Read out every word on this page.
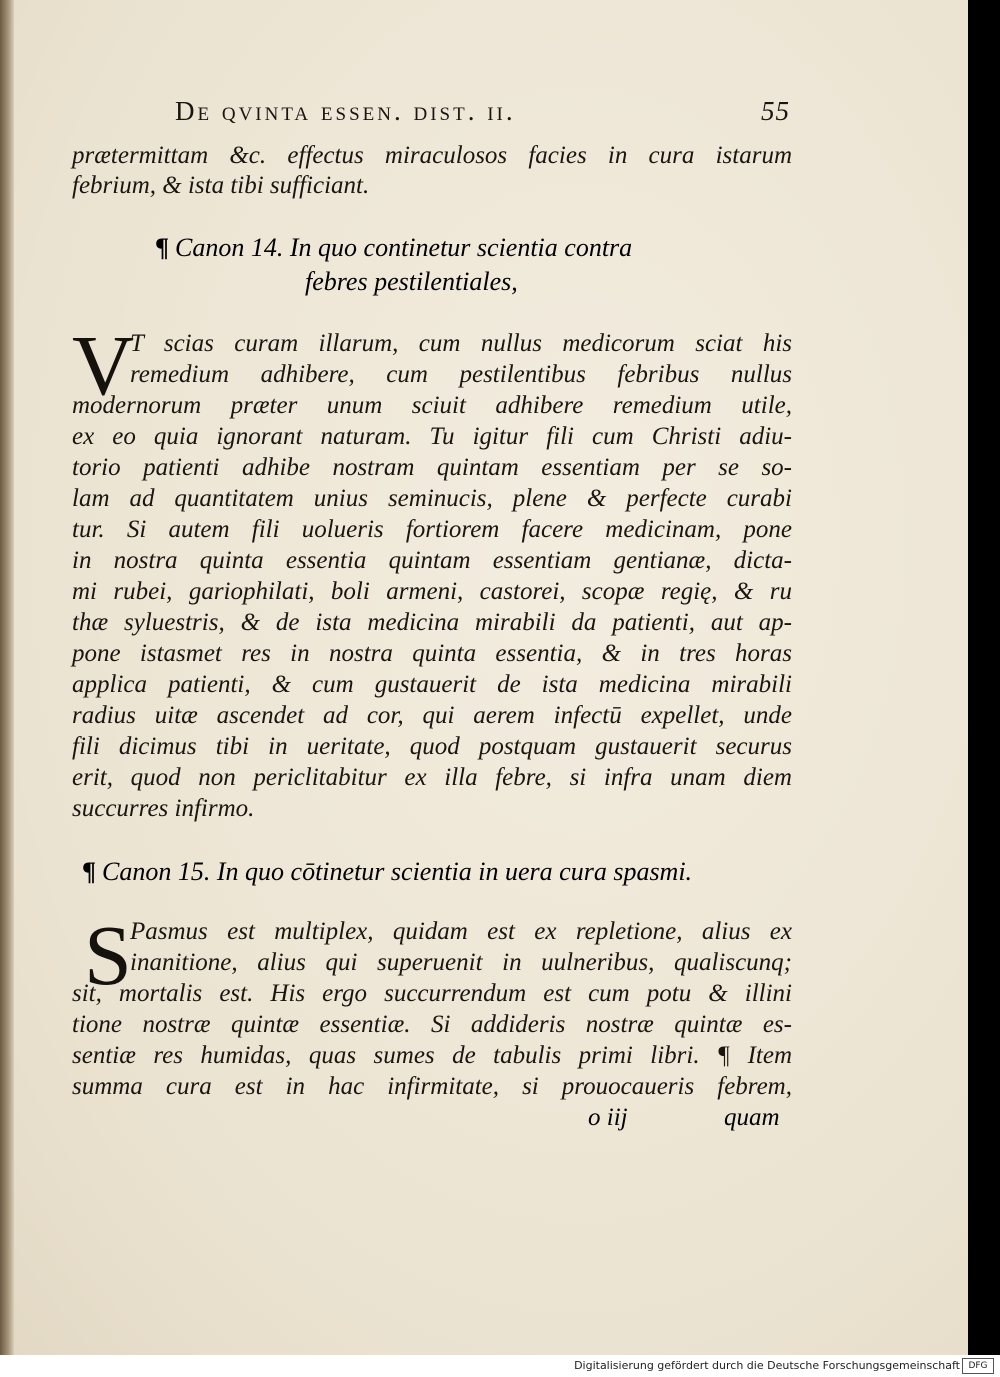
De qvinta essen. dist. ii.	55
prætermittam &c. effectus miraculosos facies in cura istarum
febrium, & ista tibi sufficiant.
¶ Canon 14. In quo continetur scientia contra
febres pestilentiales,
V
T scias curam illarum, cum nullus medicorum sciat his
remedium adhibere, cum pestilentibus febribus nullus
modernorum præter unum sciuit adhibere remedium utile,
ex eo quia ignorant naturam. Tu igitur fili cum Christi adiu-
torio patienti adhibe nostram quintam essentiam per se so-
lam ad quantitatem unius seminucis, plene & perfecte curabi
tur. Si autem fili uolueris fortiorem facere medicinam, pone
in nostra quinta essentia quintam essentiam gentianæ, dicta-
mi rubei, gariophilati, boli armeni, castorei, scopæ regię, & ru
thæ syluestris, & de ista medicina mirabili da patienti, aut ap-
pone istasmet res in nostra quinta essentia, & in tres horas
applica patienti, & cum gustauerit de ista medicina mirabili
radius uitæ ascendet ad cor, qui aerem infectū expellet, unde
fili dicimus tibi in ueritate, quod postquam gustauerit securus
erit, quod non periclitabitur ex illa febre, si infra unam diem
succurres infirmo.
¶ Canon 15. In quo cōtinetur scientia in uera cura spasmi.
S
Pasmus est multiplex, quidam est ex repletione, alius ex
inanitione, alius qui superuenit in uulneribus, qualiscunq;
sit, mortalis est. His ergo succurrendum est cum potu & illini
tione nostræ quintæ essentiæ. Si addideris nostræ quintæ es-
sentiæ res humidas, quas sumes de tabulis primi libri. ¶ Item
summa cura est in hac infirmitate, si prouocaueris febrem,
o iij	quam
Digitalisierung gefördert durch die Deutsche Forschungsgemeinschaft DFG
